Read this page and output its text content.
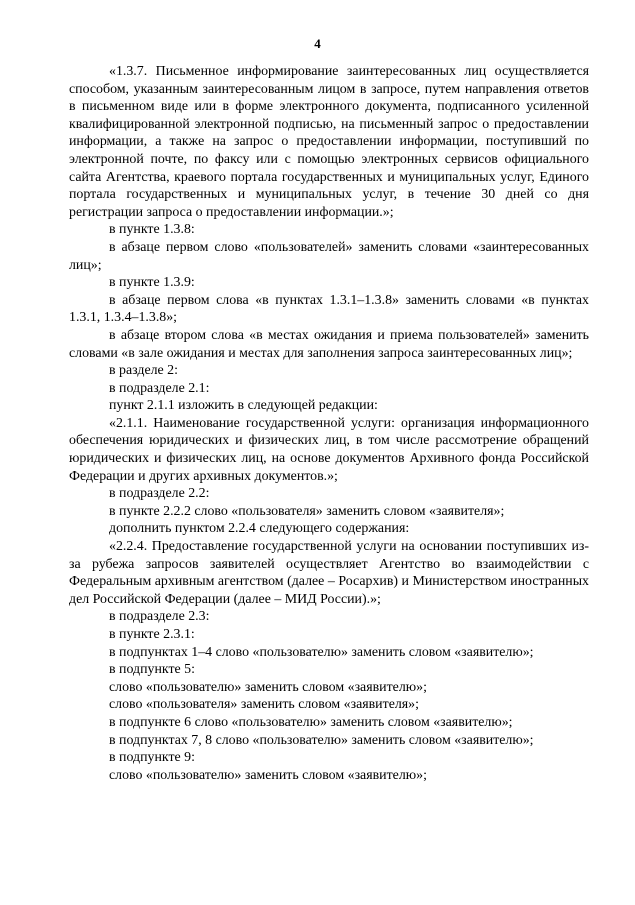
4

«1.3.7. Письменное информирование заинтересованных лиц осуществляется способом, указанным заинтересованным лицом в запросе, путем направления ответов в письменном виде или в форме электронного документа, подписанного усиленной квалифицированной электронной подписью, на письменный запрос о предоставлении информации, а также на запрос о предоставлении информации, поступивший по электронной почте, по факсу или с помощью электронных сервисов официального сайта Агентства, краевого портала государственных и муниципальных услуг, Единого портала государственных и муниципальных услуг, в течение 30 дней со дня регистрации запроса о предоставлении информации.»;

в пункте 1.3.8:

в абзаце первом слово «пользователей» заменить словами «заинтересованных лиц»;

в пункте 1.3.9:

в абзаце первом слова «в пунктах 1.3.1–1.3.8» заменить словами «в пунктах 1.3.1, 1.3.4–1.3.8»;

в абзаце втором слова «в местах ожидания и приема пользователей» заменить словами «в зале ожидания и местах для заполнения запроса заинтересованных лиц»;

в разделе 2:

в подразделе 2.1:

пункт 2.1.1 изложить в следующей редакции:

«2.1.1. Наименование государственной услуги: организация информационного обеспечения юридических и физических лиц, в том числе рассмотрение обращений юридических и физических лиц, на основе документов Архивного фонда Российской Федерации и других архивных документов.»;

в подразделе 2.2:

в пункте 2.2.2 слово «пользователя» заменить словом «заявителя»;

дополнить пунктом 2.2.4 следующего содержания:

«2.2.4. Предоставление государственной услуги на основании поступивших из-за рубежа запросов заявителей осуществляет Агентство во взаимодействии с Федеральным архивным агентством (далее – Росархив) и Министерством иностранных дел Российской Федерации (далее – МИД России).»;

в подразделе 2.3:

в пункте 2.3.1:

в подпунктах 1–4 слово «пользователю» заменить словом «заявителю»;

в подпункте 5:

слово «пользователю» заменить словом «заявителю»;

слово «пользователя» заменить словом «заявителя»;

в подпункте 6 слово «пользователю» заменить словом «заявителю»;

в подпунктах 7, 8 слово «пользователю» заменить словом «заявителю»;

в подпункте 9:

слово «пользователю» заменить словом «заявителю»;
